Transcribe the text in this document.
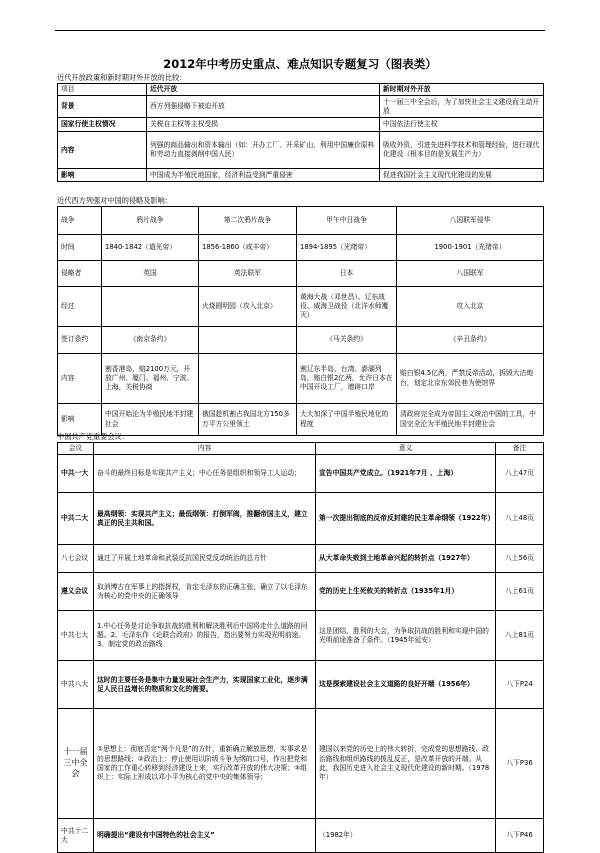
2012年中考历史重点、难点知识专题复习（图表类）
近代开放政策和新时期对外开放的比较：
项目	近代开放	新时期对外开放
背景	西方列强侵略下被迫开放	十一届三中全会后，为了加快社会主义建设而主动开放
国家行使主权情况	关税自主权等主权受损	中国依法行使主权
内容	列强的商品输出和资本输出（如：开办工厂、开采矿山，利用中国廉价原料和劳动力直接剥削中国人民）	吸收外资，引进先进科学技术和管理经验，进行现代化建设（根本目的是发展生产力）
影响	中国成为半殖民地国家，经济利益受到严重侵害	促进我国社会主义现代化建设的发展
近代西方列强对中国的侵略及影响：
战争	鸦片战争	第二次鸦片战争	甲午中日战争	八国联军侵华
时间	1840-1842（道光帝）	1856-1860（咸丰帝）	1894-1895（光绪帝）	1900-1901（光绪帝）
侵略者	英国	英法联军	日本	八国联军
经过		火烧圆明园（攻入北京）	黄海大战（邓世昌）、辽东战役、威海卫战役（北洋水师覆灭）	攻入北京
签订条约	《南京条约》		《马关条约》	《辛丑条约》
内容	割香港岛，赔2100万元，开放广州、厦门、福州、宁波、上海，关税协商		割辽东半岛、台湾、澎湖列岛，赔白银2亿两，允许日本在中国开设工厂，增辟口岸	赔白银4.5亿两，严禁反帝活动，拆毁大沽炮台，划定北京东郊民巷为使馆界
影响	中国开始沦为半殖民地半封建社会	俄国趁机割占我国北方150多万平方公里领土	大大加深了中国半殖民地化的程度	清政府完全成为帝国主义统治中国的工具，中国完全沦为半殖民地半封建社会
中国共产党重要会议：
会议	内容	意义	备注
中共一大	奋斗的最终目标是实现共产主义；中心任务是组织和领导工人运动；	宣告中国共产党成立。（1921年7月 、上海）	八上47页
中共二大	最高纲领：实现共产主义；最低纲领：打倒军阀，推翻帝国主义，建立真正的民主共和国。	第一次提出彻底的反帝反封建的民主革命纲领（1922年）	八上48页
八七会议	通过了开展土地革命和武装反抗国民党反动统治的总方针	从大革命失败到土地革命兴起的转折点（1927年）	八上56页
遵义会议	取消博古在军事上的指挥权，肯定毛泽东的正确主张，确立了以毛泽东为核心的党中央的正确领导	党的历史上生死攸关的转折点（1935年1月）	八上61页
中共七大	1.中心任务是讨论争取抗战的胜利和解决胜利后中国将走什么道路的问题。2、毛泽东作《论联合政府》的报告，指出要努力实现光明前途。3、制定党的政治路线	这是团结、胜利的大会，为争取抗战的胜利和实现中国的光明前途准备了条件。（1945年延安）	八上81页
中共八大	这时的主要任务是集中力量发展社会生产力，实现国家工业化，逐步满足人民日益增长的物质和文化的需要。	这是探索建设社会主义道路的良好开端（1956年）	八下P24
十一届三中全会	①思想上：彻底否定“两个凡是”的方针，重新确立解放思想，实事求是的思想路线；②政治上：停止使用以阶级斗争为纲的口号，作出把党和国家的工作重心转移到经济建设上来，实行改革开放的伟大决策；③组织上：实际上形成以邓小平为核心的党中央的集体领导；	建国以来党的历史上的伟大转折，完成党的思想路线、政治路线和组织路线的拨乱反正，是改革开放的开端。从此，我国历史进入社会主义现代化建设的新时期。（1978年）	八下P36
中共十二大	明确提出“建设有中国特色的社会主义”	（1982年）	八下P46
